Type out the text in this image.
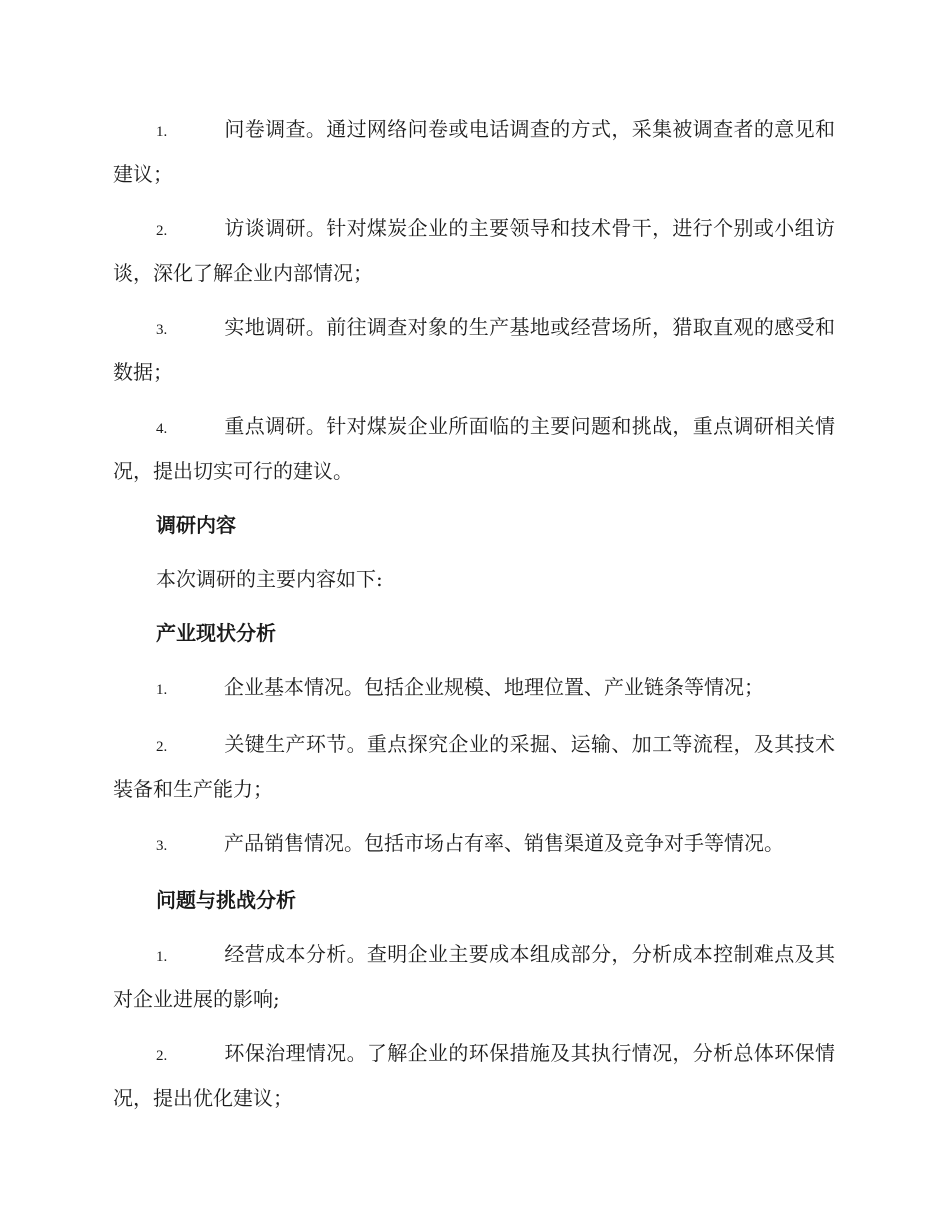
1.	问卷调查。通过网络问卷或电话调查的方式，采集被调查者的意见和建议；

2.	访谈调研。针对煤炭企业的主要领导和技术骨干，进行个别或小组访谈，深化了解企业内部情况；

3.	实地调研。前往调查对象的生产基地或经营场所，猎取直观的感受和数据；

4.	重点调研。针对煤炭企业所面临的主要问题和挑战，重点调研相关情况，提出切实可行的建议。

调研内容

本次调研的主要内容如下:

产业现状分析

1.	企业基本情况。包括企业规模、地理位置、产业链条等情况；

2.	关键生产环节。重点探究企业的采掘、运输、加工等流程，及其技术装备和生产能力；

3.	产品销售情况。包括市场占有率、销售渠道及竞争对手等情况。

问题与挑战分析

1.	经营成本分析。查明企业主要成本组成部分，分析成本控制难点及其对企业进展的影响;

2.	环保治理情况。了解企业的环保措施及其执行情况，分析总体环保情况，提出优化建议；
